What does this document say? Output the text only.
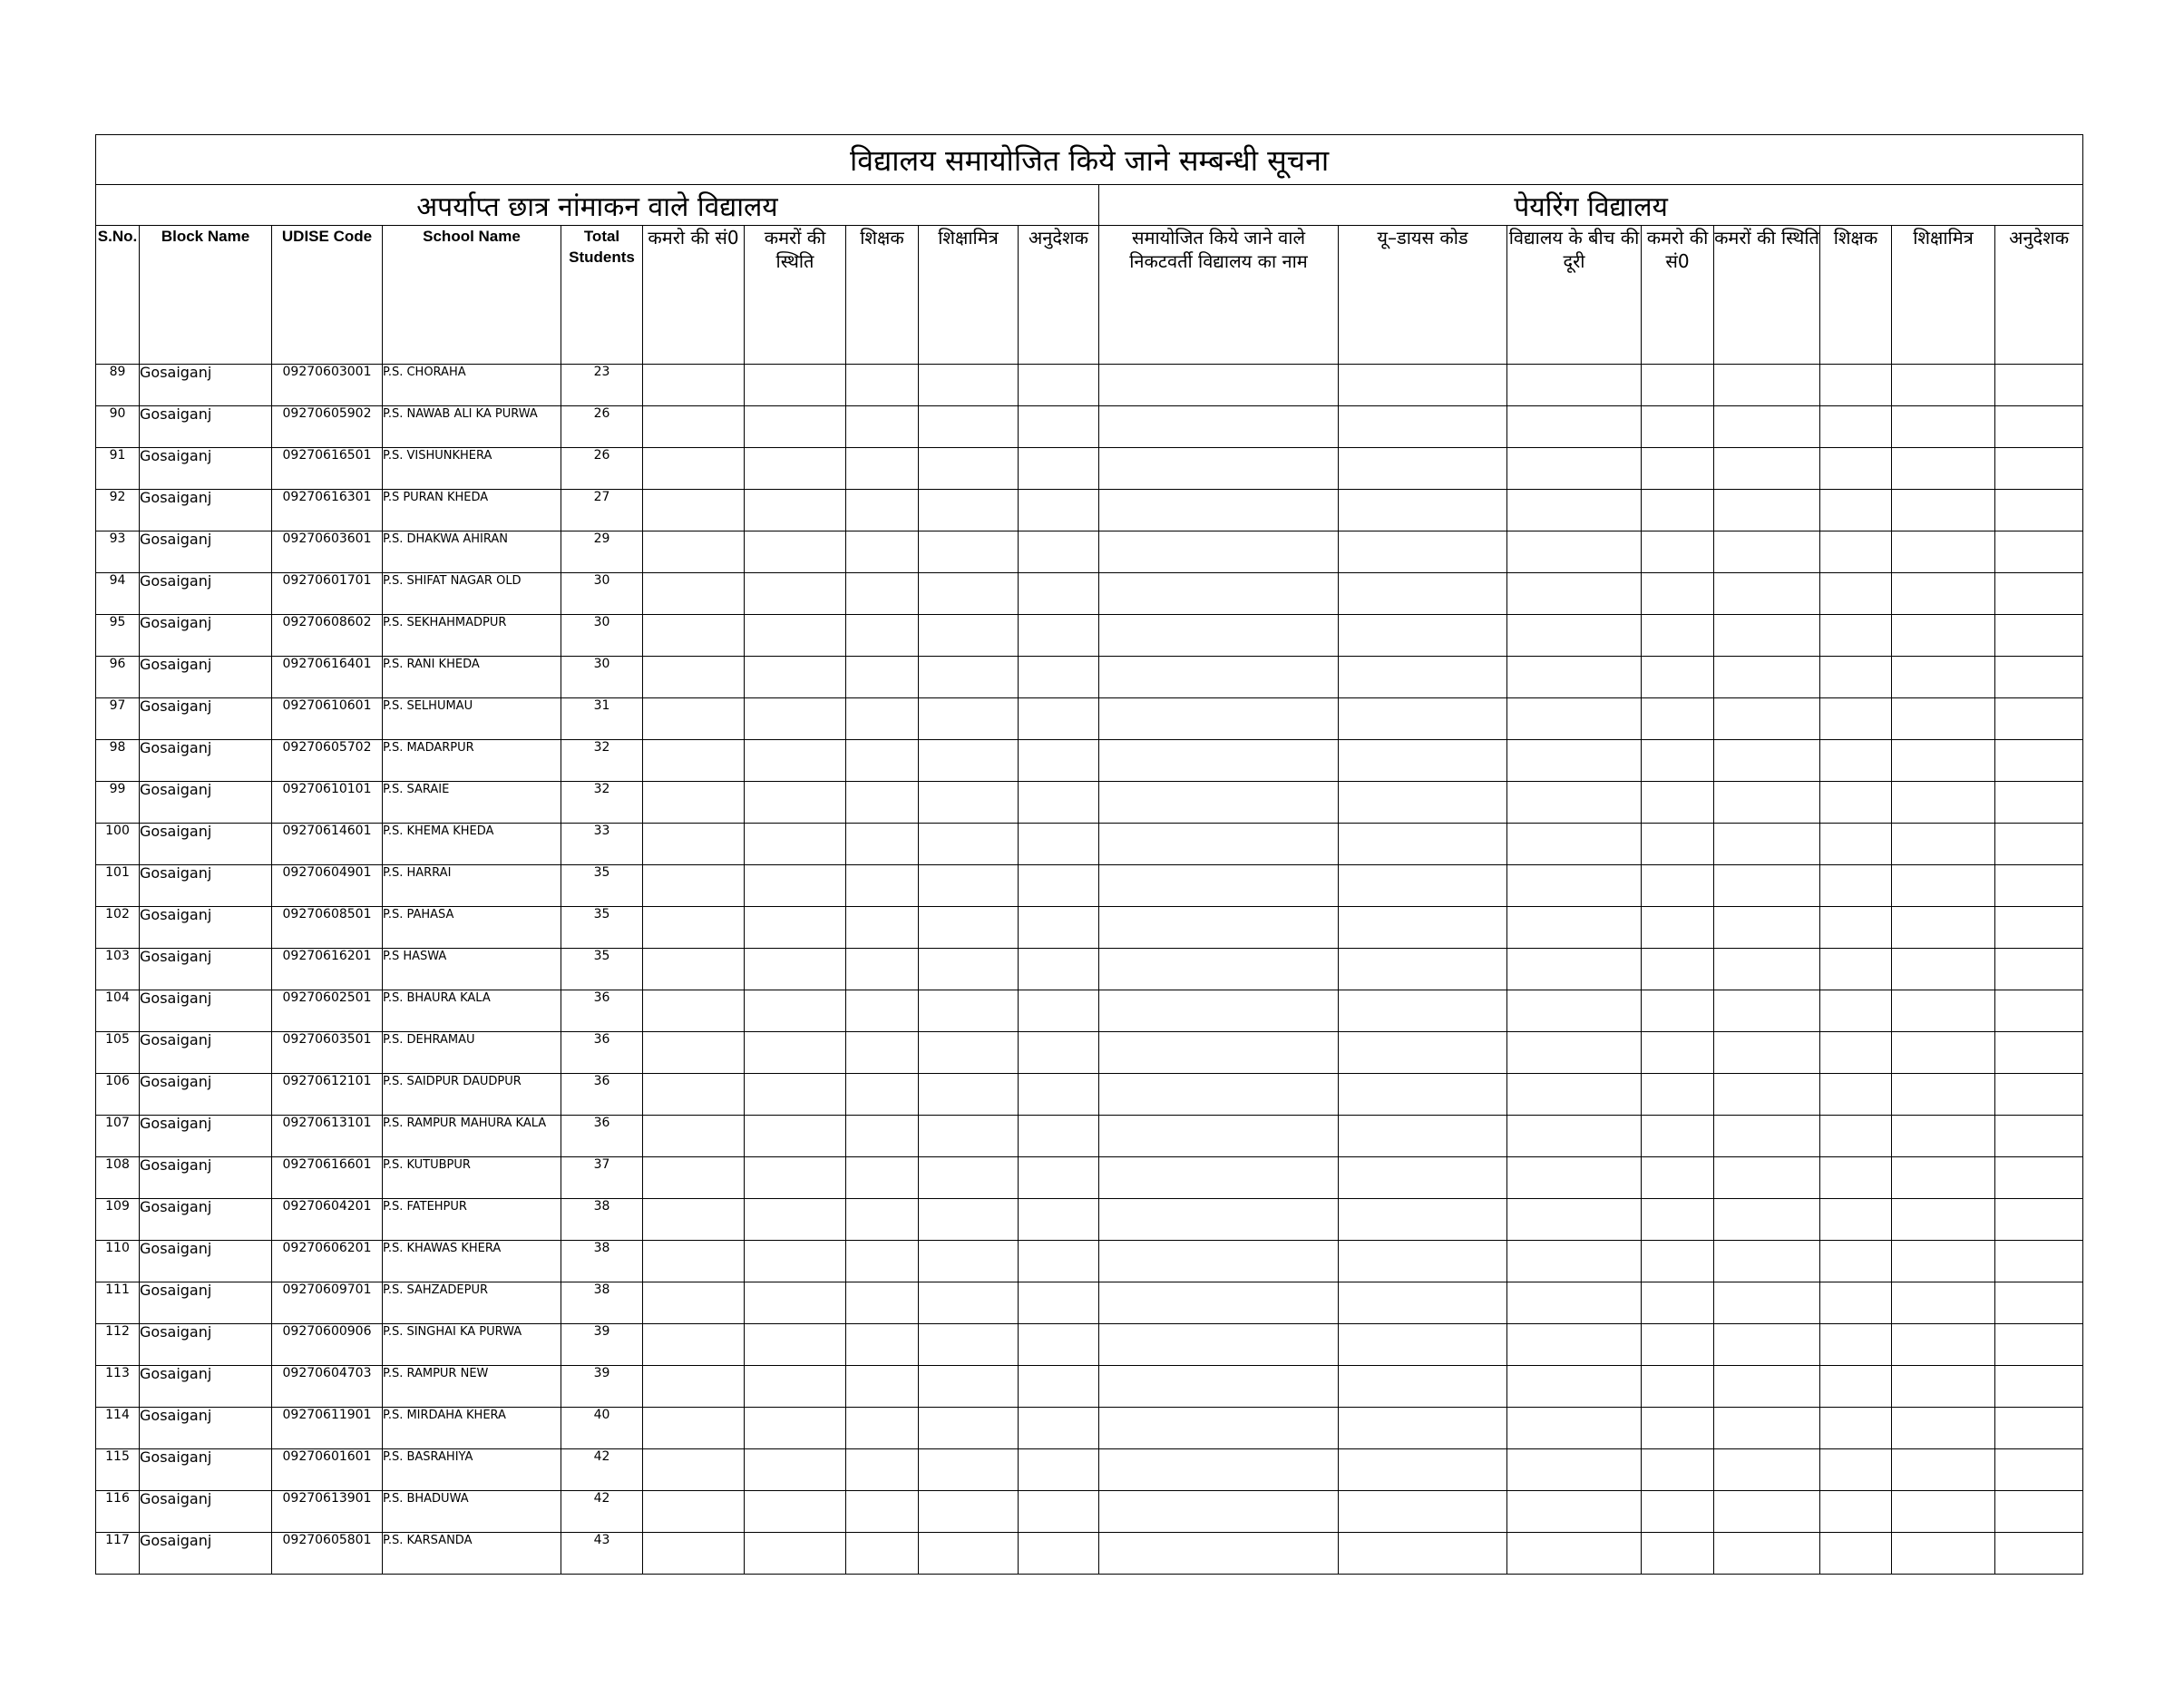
विद्यालय समायोजित किये जाने सम्बन्धी सूचना																	
अपर्याप्त छात्र नांमाकन वाले विद्यालय										पेयरिंग विद्यालय							
S.No.	Block Name	UDISE Code	School Name	Total Students	कमरो की सं0	कमरों की स्थिति	शिक्षक	शिक्षामित्र	अनुदेशक	समायोजित किये जाने वाले निकटवर्ती विद्यालय का नाम	यू–डायस कोड	विद्यालय के बीच की दूरी	कमरो की सं0	कमरों की स्थिति	शिक्षक	शिक्षामित्र	अनुदेशक
89	Gosaiganj	09270603001	P.S. CHORAHA	23													
90	Gosaiganj	09270605902	P.S. NAWAB ALI KA PURWA	26													
91	Gosaiganj	09270616501	P.S. VISHUNKHERA	26													
92	Gosaiganj	09270616301	P.S PURAN KHEDA	27													
93	Gosaiganj	09270603601	P.S. DHAKWA AHIRAN	29													
94	Gosaiganj	09270601701	P.S. SHIFAT NAGAR OLD	30													
95	Gosaiganj	09270608602	P.S. SEKHAHMADPUR	30													
96	Gosaiganj	09270616401	P.S. RANI KHEDA	30													
97	Gosaiganj	09270610601	P.S. SELHUMAU	31													
98	Gosaiganj	09270605702	P.S. MADARPUR	32													
99	Gosaiganj	09270610101	P.S. SARAIE	32													
100	Gosaiganj	09270614601	P.S. KHEMA KHEDA	33													
101	Gosaiganj	09270604901	P.S. HARRAI	35													
102	Gosaiganj	09270608501	P.S. PAHASA	35													
103	Gosaiganj	09270616201	P.S HASWA	35													
104	Gosaiganj	09270602501	P.S. BHAURA KALA	36													
105	Gosaiganj	09270603501	P.S. DEHRAMAU	36													
106	Gosaiganj	09270612101	P.S. SAIDPUR DAUDPUR	36													
107	Gosaiganj	09270613101	P.S. RAMPUR MAHURA KALA	36													
108	Gosaiganj	09270616601	P.S. KUTUBPUR	37													
109	Gosaiganj	09270604201	P.S. FATEHPUR	38													
110	Gosaiganj	09270606201	P.S. KHAWAS KHERA	38													
111	Gosaiganj	09270609701	P.S. SAHZADEPUR	38													
112	Gosaiganj	09270600906	P.S. SINGHAI KA PURWA	39													
113	Gosaiganj	09270604703	P.S. RAMPUR NEW	39													
114	Gosaiganj	09270611901	P.S. MIRDAHA KHERA	40													
115	Gosaiganj	09270601601	P.S. BASRAHIYA	42													
116	Gosaiganj	09270613901	P.S. BHADUWA	42													
117	Gosaiganj	09270605801	P.S. KARSANDA	43													
